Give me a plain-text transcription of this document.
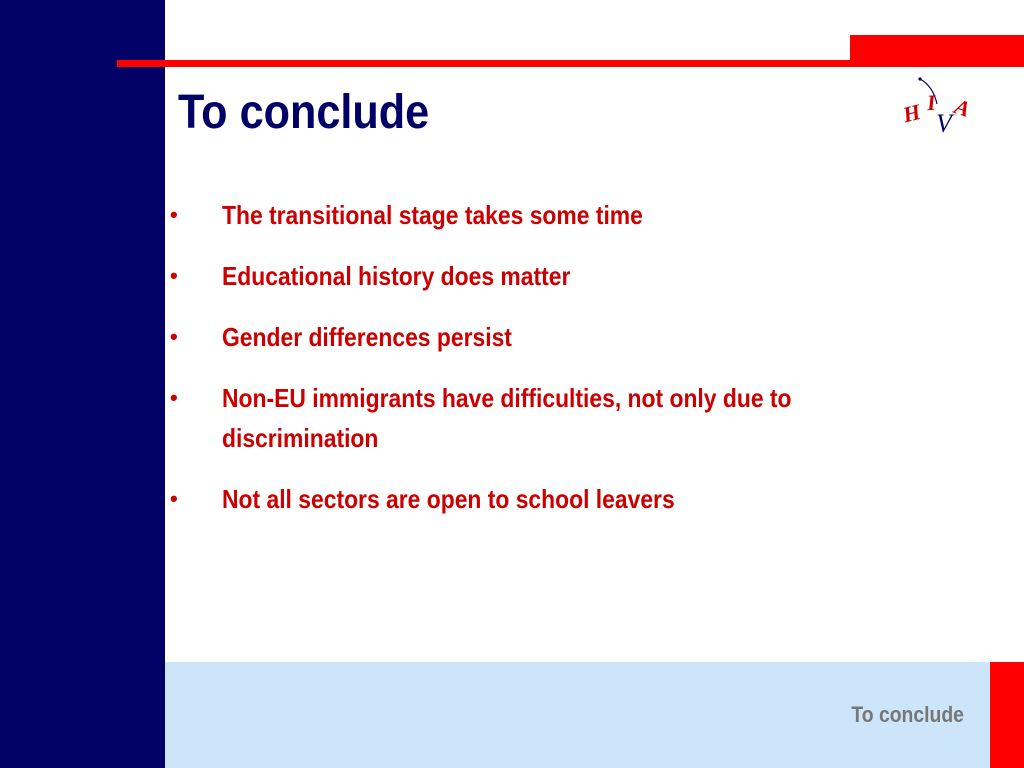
To conclude	H I A
V
• The transitional stage takes some time
• Educational history does matter
• Gender differences persist
• Non-EU immigrants have difficulties, not only due to discrimination
• Not all sectors are open to school leavers
To conclude
